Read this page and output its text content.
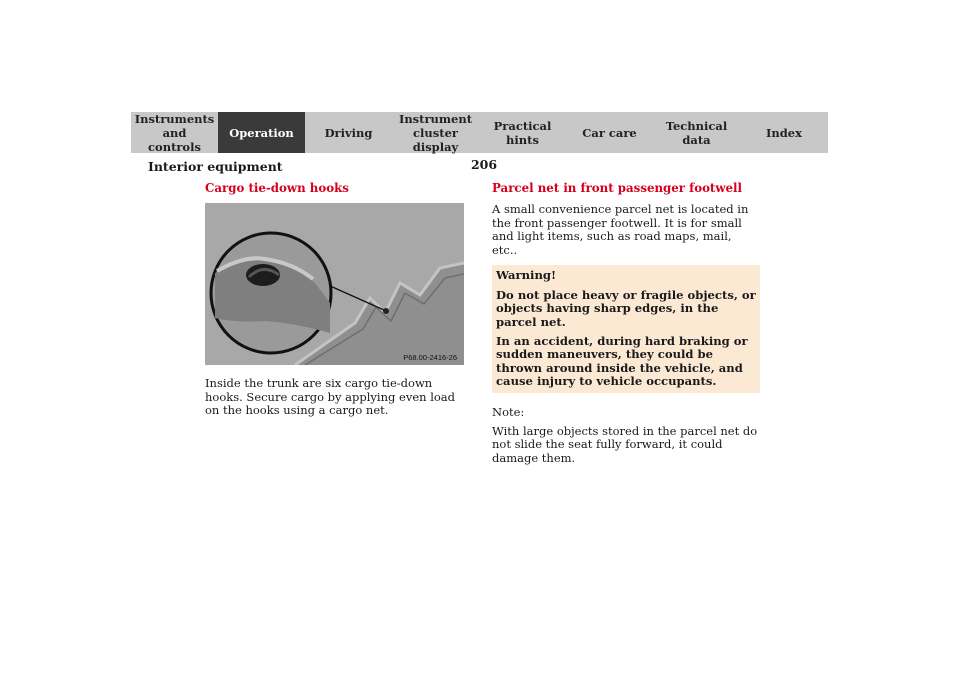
Instruments and controls
Operation	Driving
Instrument cluster display
Practical hints	Car care	Technical data	Index
Interior equipment	206
Cargo tie-down hooks
P68.00-2416-26

Inside the trunk are six cargo tie-down hooks. Secure cargo by applying even load on the hooks using a cargo net.

Parcel net in front passenger footwell

A small convenience parcel net is located in the front passenger footwell. It is for small and light items, such as road maps, mail, etc..

Warning!

Do not place heavy or fragile objects, or objects having sharp edges, in the parcel net.

In an accident, during hard braking or sudden maneuvers, they could be thrown around inside the vehicle, and cause injury to vehicle occupants.

Note:

With large objects stored in the parcel net do not slide the seat fully forward, it could damage them.
